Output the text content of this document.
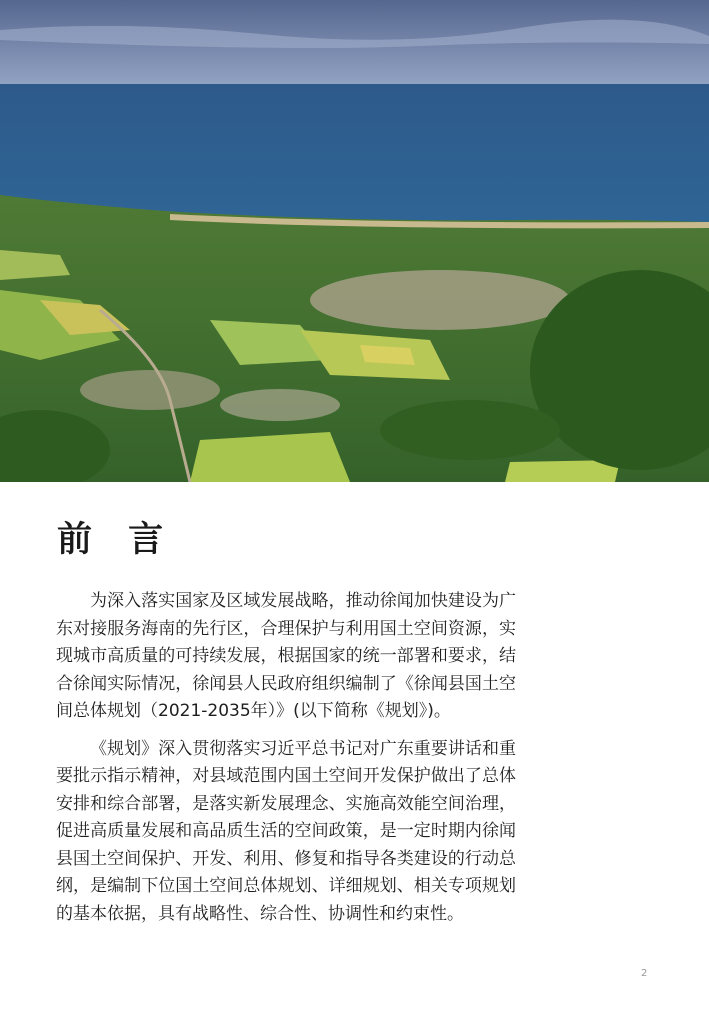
前 言

为深入落实国家及区域发展战略，推动徐闻加快建设为广东对接服务海南的先行区，合理保护与利用国土空间资源，实现城市高质量的可持续发展，根据国家的统一部署和要求，结合徐闻实际情况，徐闻县人民政府组织编制了《徐闻县国土空间总体规划（2021-2035年）》(以下简称《规划》)。

《规划》深入贯彻落实习近平总书记对广东重要讲话和重要批示指示精神，对县域范围内国土空间开发保护做出了总体安排和综合部署，是落实新发展理念、实施高效能空间治理，促进高质量发展和高品质生活的空间政策，是一定时期内徐闻县国土空间保护、开发、利用、修复和指导各类建设的行动总纲，是编制下位国土空间总体规划、详细规划、相关专项规划的基本依据，具有战略性、综合性、协调性和约束性。

2
